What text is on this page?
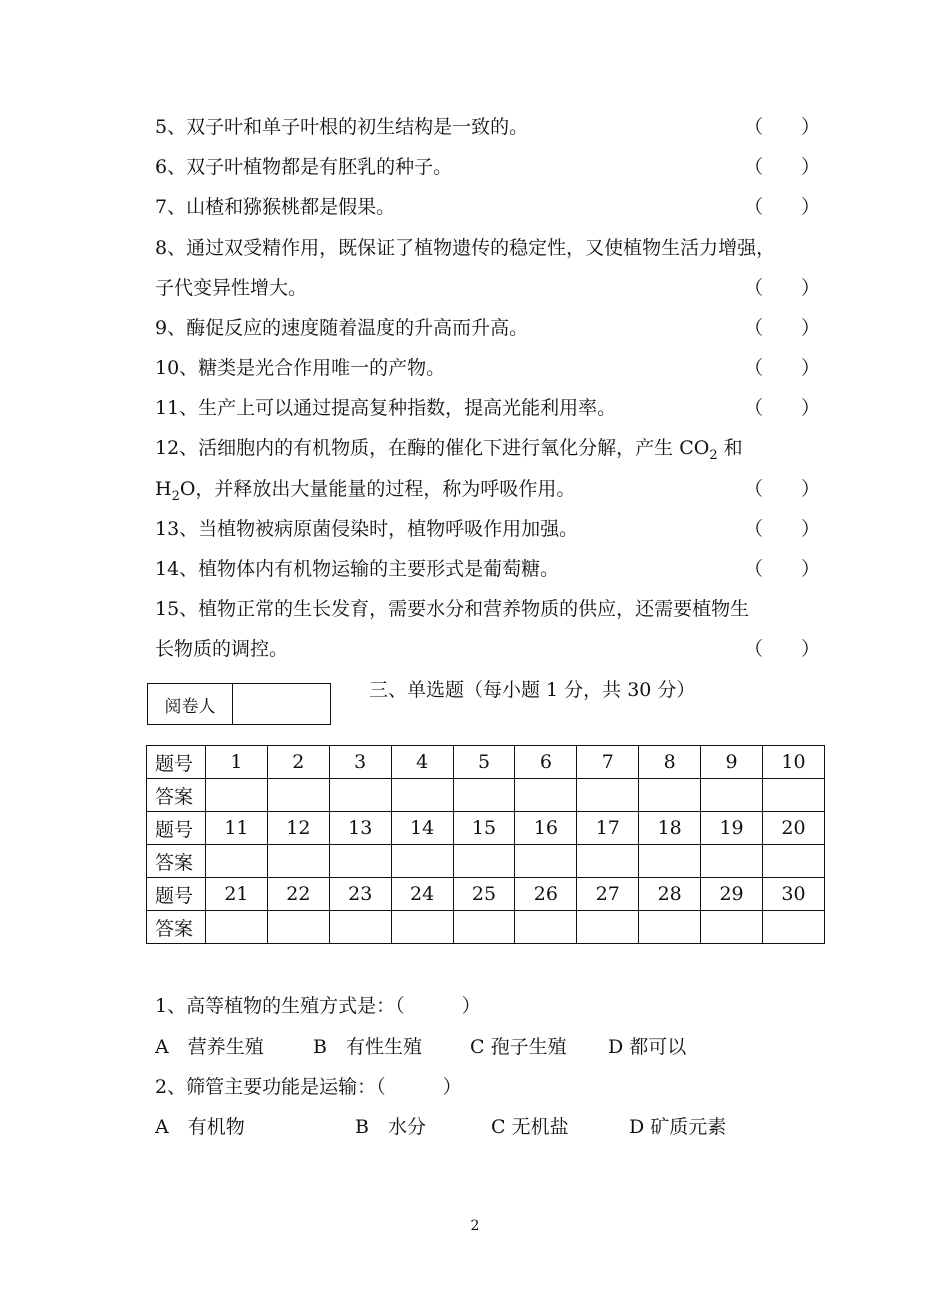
5、双子叶和单子叶根的初生结构是一致的。	（　　）
6、双子叶植物都是有胚乳的种子。	（　　）
7、山楂和猕猴桃都是假果。	（　　）
8、通过双受精作用，既保证了植物遗传的稳定性，又使植物生活力增强，
子代变异性增大。	（　　）
9、酶促反应的速度随着温度的升高而升高。	（　　）
10、糖类是光合作用唯一的产物。	（　　）
11、生产上可以通过提高复种指数，提高光能利用率。	（　　）
12、活细胞内的有机物质，在酶的催化下进行氧化分解，产生 $CO_2$ 和
$H_2O$，并释放出大量能量的过程，称为呼吸作用。	（　　）
13、当植物被病原菌侵染时，植物呼吸作用加强。	（　　）
14、植物体内有机物运输的主要形式是葡萄糖。	（　　）
15、植物正常的生长发育，需要水分和营养物质的供应，还需要植物生
长物质的调控。	（　　）
阅卷人
三、单选题（每小题 1 分，共 30 分）
题号	1	2	3	4	5	6	7	8	9	10
答案										
题号	11	12	13	14	15	16	17	18	19	20
答案										
题号	21	22	23	24	25	26	27	28	29	30
答案										
1、高等植物的生殖方式是：（　　　）
A　营养生殖	B　有性生殖	C 孢子生殖 D 都可以
2、筛管主要功能是运输：（　　　）
A　有机物	B　水分	C 无机盐	D 矿质元素
2
